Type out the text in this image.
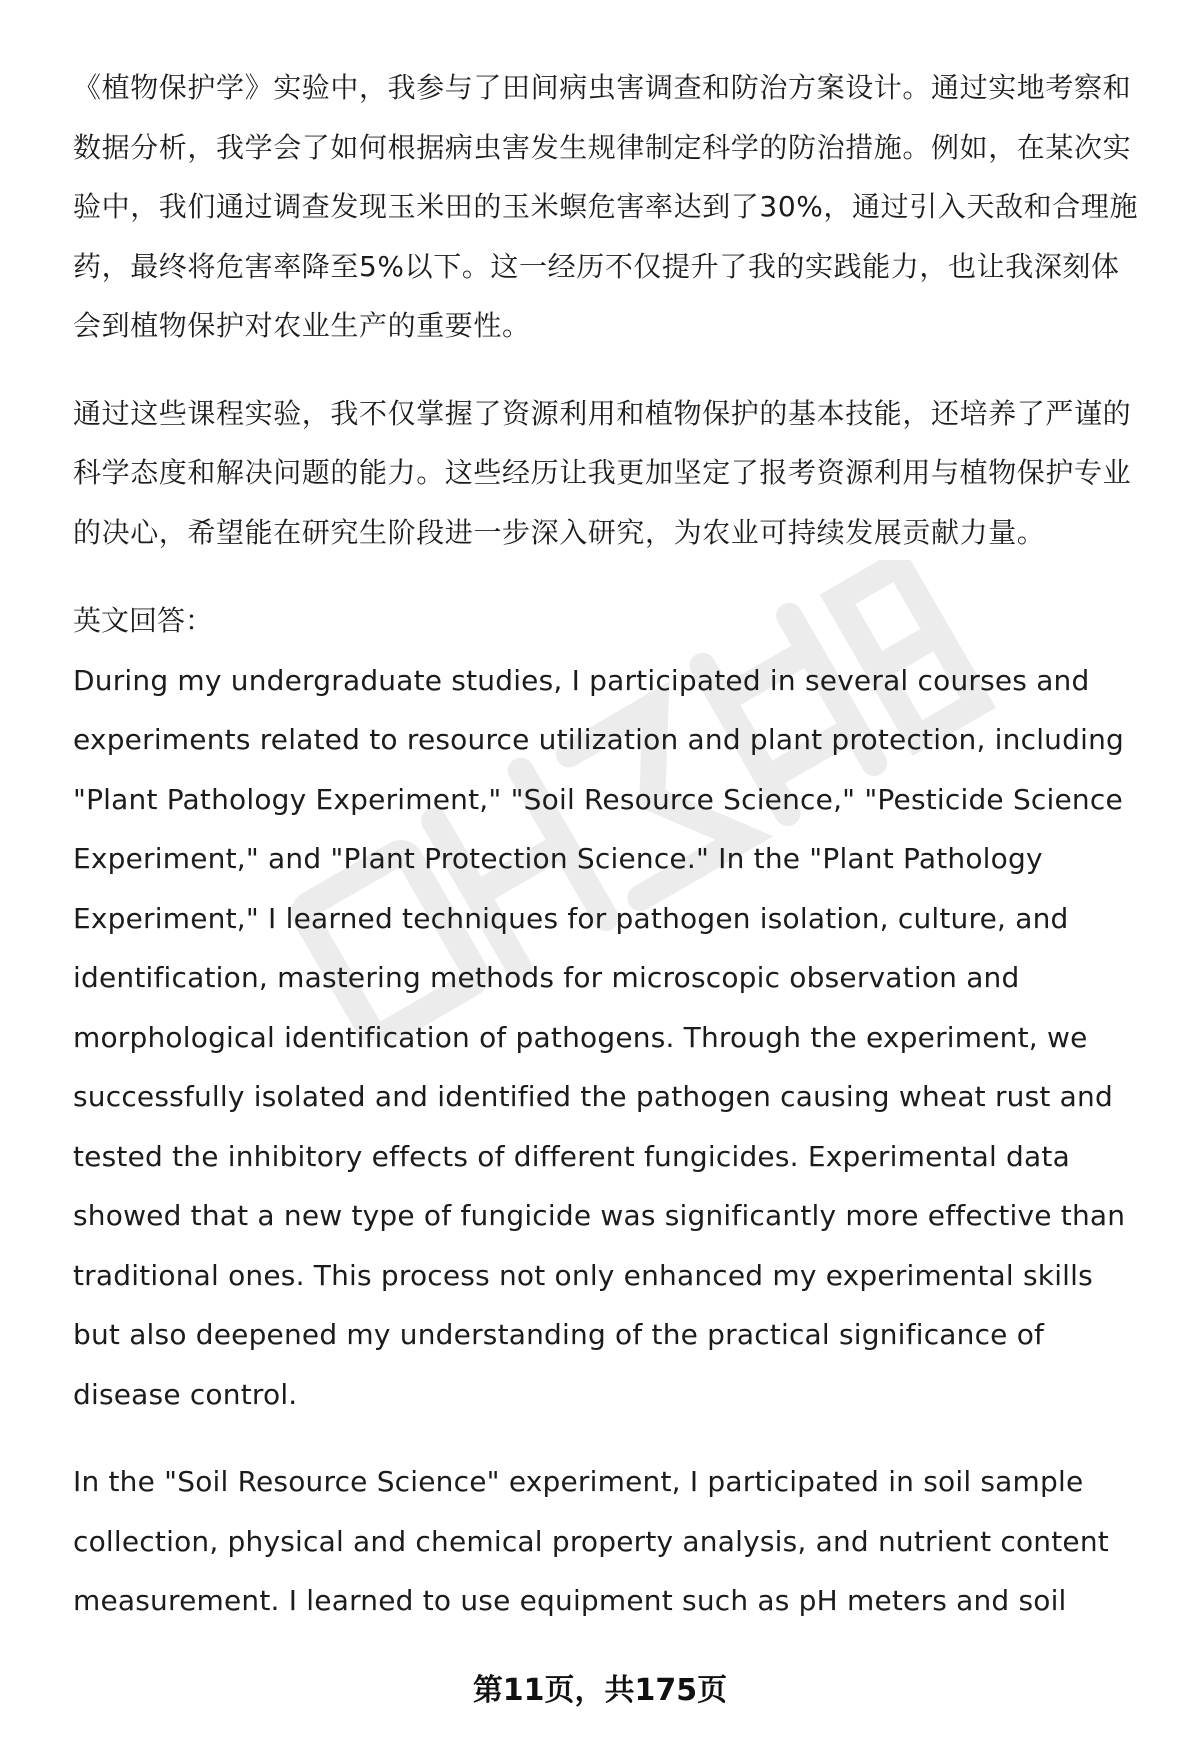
《植物保护学》实验中，我参与了田间病虫害调查和防治方案设计。通过实地考察和数据分析，我学会了如何根据病虫害发生规律制定科学的防治措施。例如，在某次实验中，我们通过调查发现玉米田的玉米螟危害率达到了30%，通过引入天敌和合理施药，最终将危害率降至5%以下。这一经历不仅提升了我的实践能力，也让我深刻体会到植物保护对农业生产的重要性。

通过这些课程实验，我不仅掌握了资源利用和植物保护的基本技能，还培养了严谨的科学态度和解决问题的能力。这些经历让我更加坚定了报考资源利用与植物保护专业的决心，希望能在研究生阶段进一步深入研究，为农业可持续发展贡献力量。

英文回答：

During my undergraduate studies, I participated in several courses and experiments related to resource utilization and plant protection, including "Plant Pathology Experiment," "Soil Resource Science," "Pesticide Science Experiment," and "Plant Protection Science." In the "Plant Pathology Experiment," I learned techniques for pathogen isolation, culture, and identification, mastering methods for microscopic observation and morphological identification of pathogens. Through the experiment, we successfully isolated and identified the pathogen causing wheat rust and tested the inhibitory effects of different fungicides. Experimental data showed that a new type of fungicide was significantly more effective than traditional ones. This process not only enhanced my experimental skills but also deepened my understanding of the practical significance of disease control.

In the "Soil Resource Science" experiment, I participated in soil sample collection, physical and chemical property analysis, and nutrient content measurement. I learned to use equipment such as pH meters and soil

第11页，共175页
